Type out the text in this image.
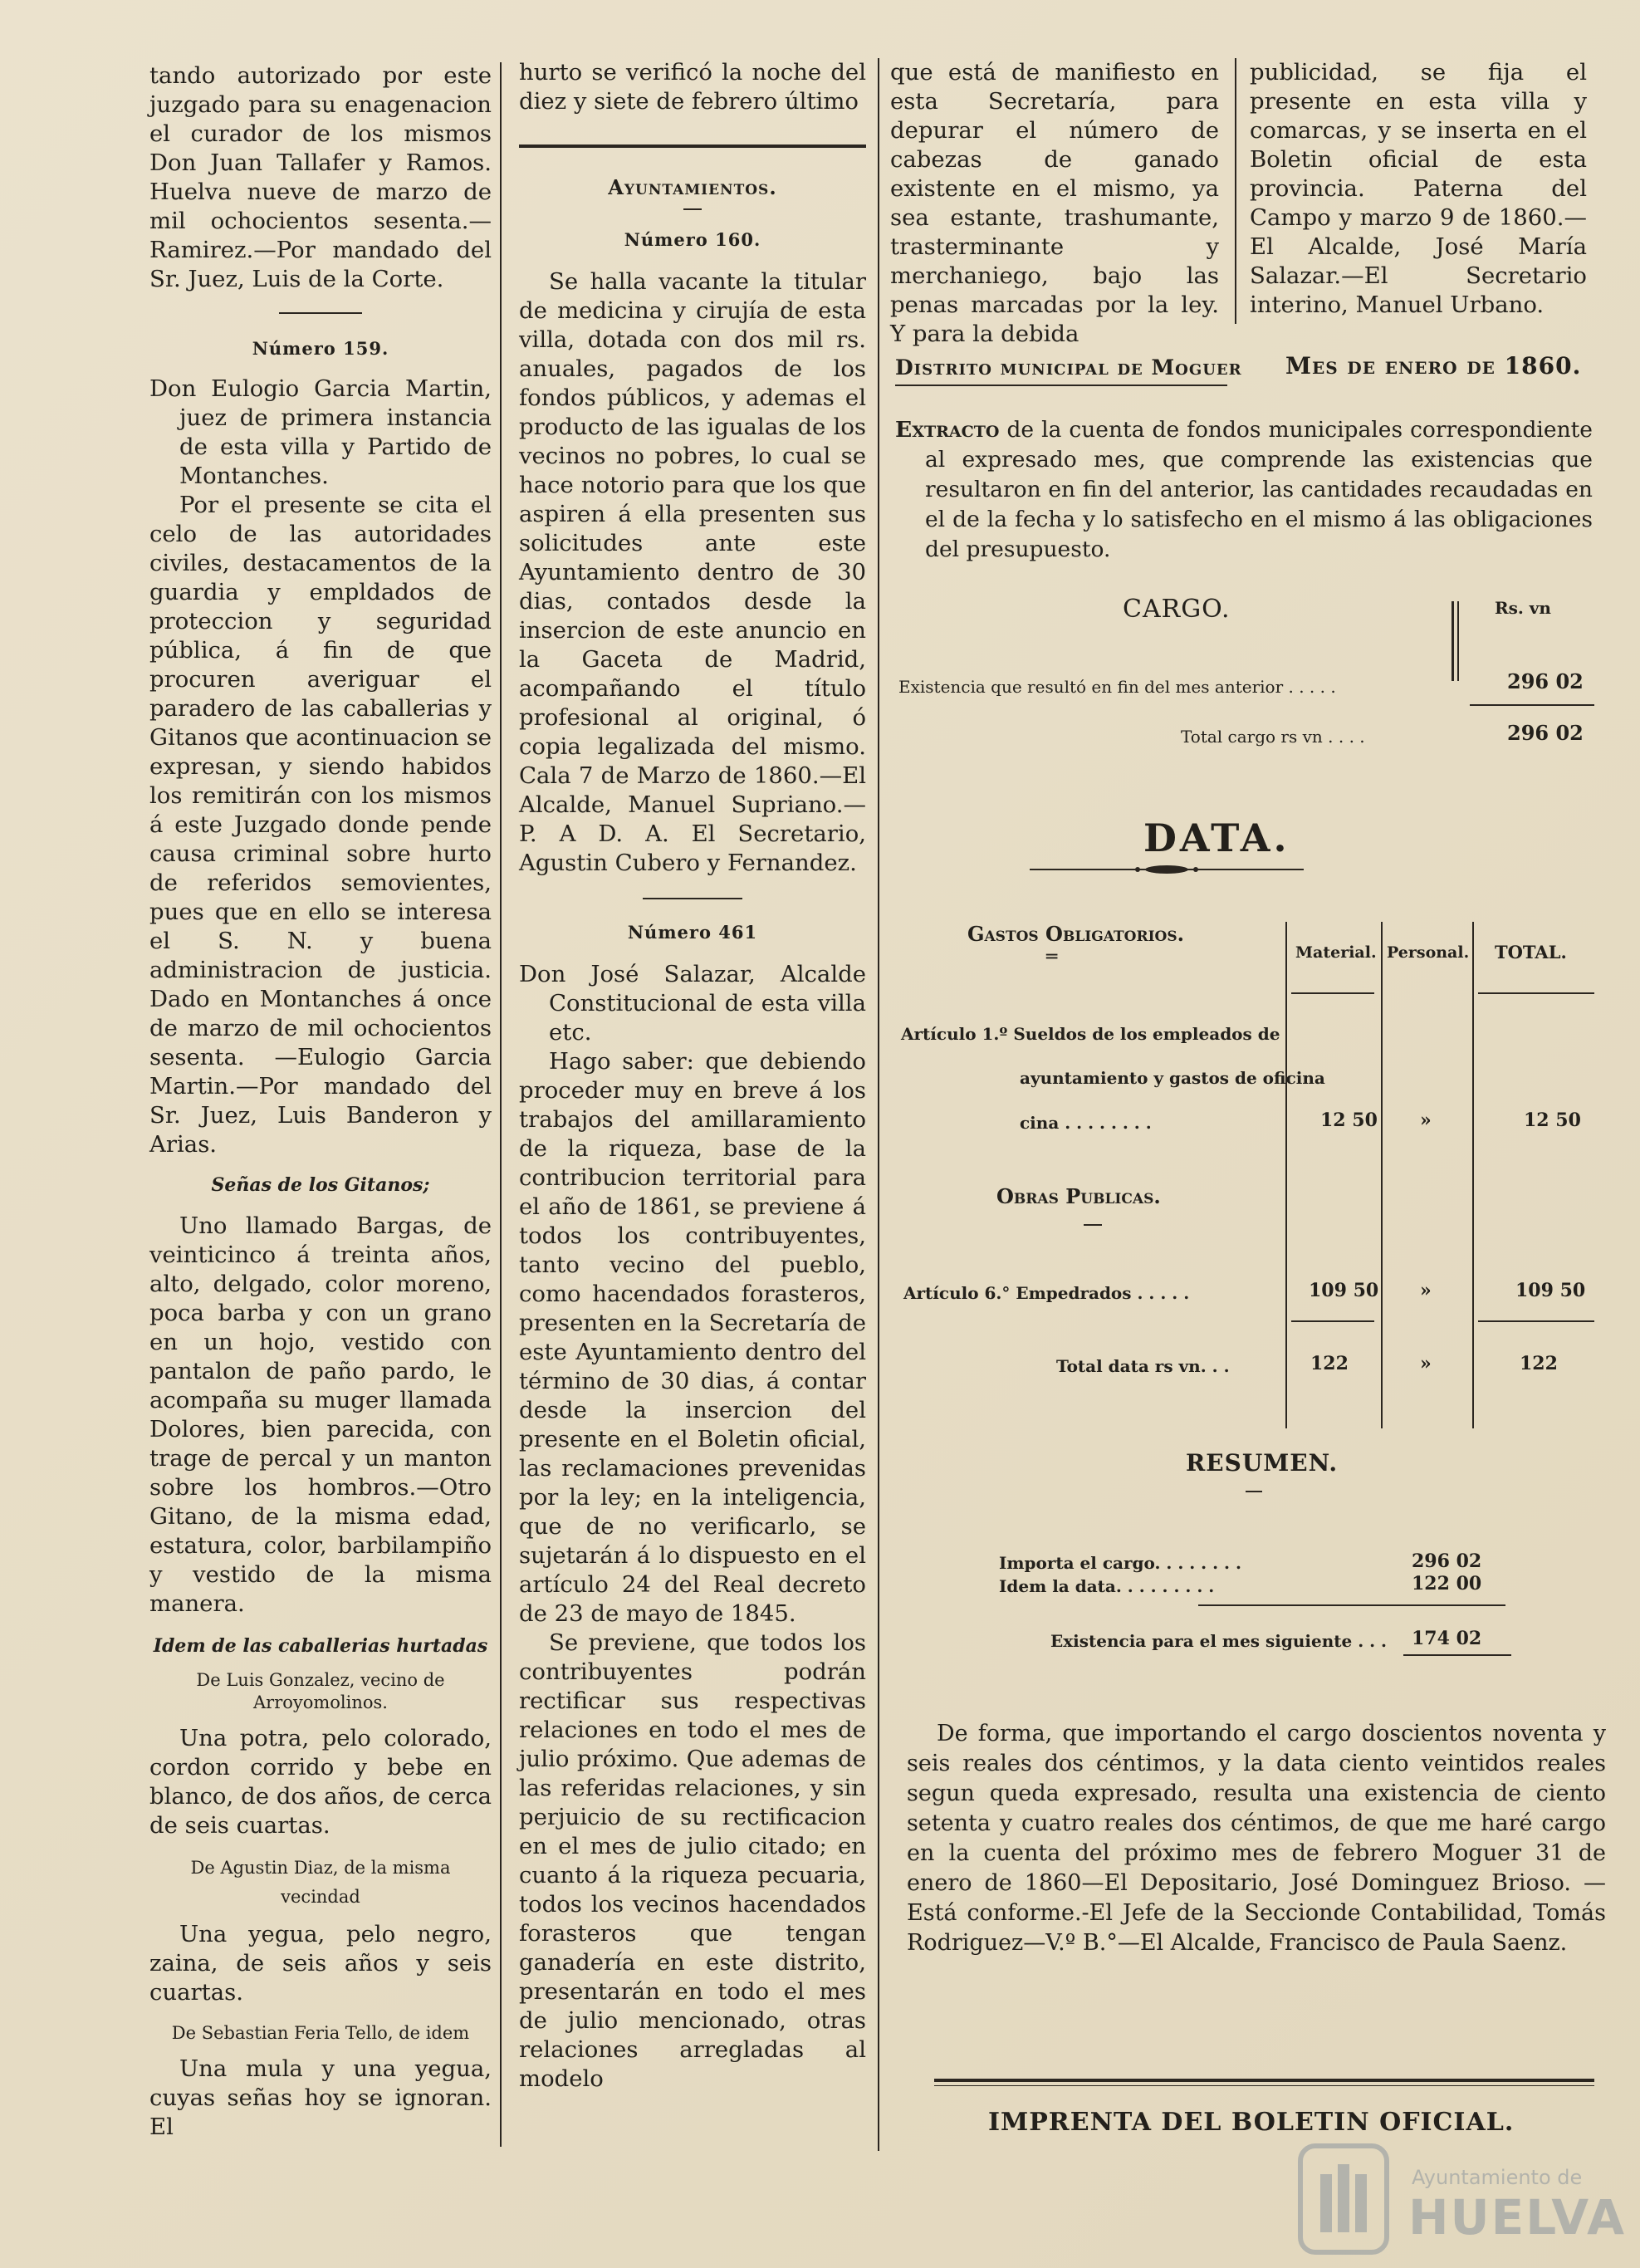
tando autorizado por este juzgado para su enagenacion el curador de los mismos Don Juan Tallafer y Ramos. Huelva nueve de marzo de mil ochocientos sesenta.—Ramirez.—Por mandado del Sr. Juez, Luis de la Corte.

Número 159.

Don Eulogio Garcia Martin, juez de primera instancia de esta villa y Partido de Montanches.

Por el presente se cita el celo de las autoridades civiles, destacamentos de la guardia y empldados de proteccion y seguridad pública, á fin de que procuren averiguar el paradero de las caballerias y Gitanos que acontinuacion se expresan, y siendo habidos los remitirán con los mismos á este Juzgado donde pende causa criminal sobre hurto de referidos semovientes, pues que en ello se interesa el S. N. y buena administracion de justicia. Dado en Montanches á once de marzo de mil ochocientos sesenta. —Eulogio Garcia Martin.—Por mandado del Sr. Juez, Luis Banderon y Arias.

Señas de los Gitanos;

Uno llamado Bargas, de veinticinco á treinta años, alto, delgado, color moreno, poca barba y con un grano en un hojo, vestido con pantalon de paño pardo, le acompaña su muger llamada Dolores, bien parecida, con trage de percal y un manton sobre los hombros.—Otro Gitano, de la misma edad, estatura, color, barbilampiño y vestido de la misma manera.

Idem de las caballerias hurtadas

De Luis Gonzalez, vecino de Arroyomolinos.

Una potra, pelo colorado, cordon corrido y bebe en blanco, de dos años, de cerca de seis cuartas.

De Agustin Diaz, de la misma vecindad

Una yegua, pelo negro, zaina, de seis años y seis cuartas.

De Sebastian Feria Tello, de idem

Una mula y una yegua, cuyas señas hoy se ignoran. El

hurto se verificó la noche del diez y siete de febrero último

Ayuntamientos.

Número 160.

Se halla vacante la titular de medicina y cirujía de esta villa, dotada con dos mil rs. anuales, pagados de los fondos públicos, y ademas el producto de las igualas de los vecinos no pobres, lo cual se hace notorio para que los que aspiren á ella presenten sus solicitudes ante este Ayuntamiento dentro de 30 dias, contados desde la insercion de este anuncio en la Gaceta de Madrid, acompañando el título profesional al original, ó copia legalizada del mismo. Cala 7 de Marzo de 1860.—El Alcalde, Manuel Supriano.—P. A D. A. El Secretario, Agustin Cubero y Fernandez.

Número 461

Don José Salazar, Alcalde Constitucional de esta villa etc.

Hago saber: que debiendo proceder muy en breve á los trabajos del amillaramiento de la riqueza, base de la contribucion territorial para el año de 1861, se previene á todos los contribuyentes, tanto vecino del pueblo, como hacendados forasteros, presenten en la Secretaría de este Ayuntamiento dentro del término de 30 dias, á contar desde la insercion del presente en el Boletin oficial, las reclamaciones prevenidas por la ley; en la inteligencia, que de no verificarlo, se sujetarán á lo dispuesto en el artículo 24 del Real decreto de 23 de mayo de 1845.

Se previene, que todos los contribuyentes podrán rectificar sus respectivas relaciones en todo el mes de julio próximo. Que ademas de las referidas relaciones, y sin perjuicio de su rectificacion en el mes de julio citado; en cuanto á la riqueza pecuaria, todos los vecinos hacendados forasteros que tengan ganadería en este distrito, presentarán en todo el mes de julio mencionado, otras relaciones arregladas al modelo

que está de manifiesto en esta Secretaría, para depurar el número de cabezas de ganado existente en el mismo, ya sea estante, trashumante, trasterminante y merchaniego, bajo las penas marcadas por la ley. Y para la debida

publicidad, se fija el presente en esta villa y comarcas, y se inserta en el Boletin oficial de esta provincia. Paterna del Campo y marzo 9 de 1860.—El Alcalde, José María Salazar.—El Secretario interino, Manuel Urbano.

Distrito municipal de Moguer Mes de enero de 1860.

Extracto de la cuenta de fondos municipales correspondiente al expresado mes, que comprende las existencias que resultaron en fin del anterior, las cantidades recaudadas en el de la fecha y lo satisfecho en el mismo á las obligaciones del presupuesto.

CARGO.	Rs. vn
Existencia que resultó en fin del mes anterior . . . . .	296 02
Total cargo rs vn . . . .	296 02
DATA.
Gastos Obligatorios.
═	Material. Personal. TOTAL.
Artículo 1.º Sueldos de los empleados de
ayuntamiento y gastos de oficina
cina . . . . . . . .	12 50 »	12 50
Obras Publicas.
Artículo 6.° Empedrados . . . . .	109 50 »	109 50
Total data rs vn. . .	122	»	122
RESUMEN.
Importa el cargo. . . . . . . .	296 02
Idem la data. . . . . . . . .	122 00
Existencia para el mes siguiente . . . 174 02

De forma, que importando el cargo doscientos noventa y seis reales dos céntimos, y la data ciento veintidos reales segun queda expresado, resulta una existencia de ciento setenta y cuatro reales dos céntimos, de que me haré cargo en la cuenta del próximo mes de febrero Moguer 31 de enero de 1860—El Depositario, José Dominguez Brioso. —Está conforme.-El Jefe de la Seccionde Contabilidad, Tomás Rodriguez—V.º B.°—El Alcalde, Francisco de Paula Saenz.

IMPRENTA DEL BOLETIN OFICIAL.
Ayuntamiento de
HUELVA
